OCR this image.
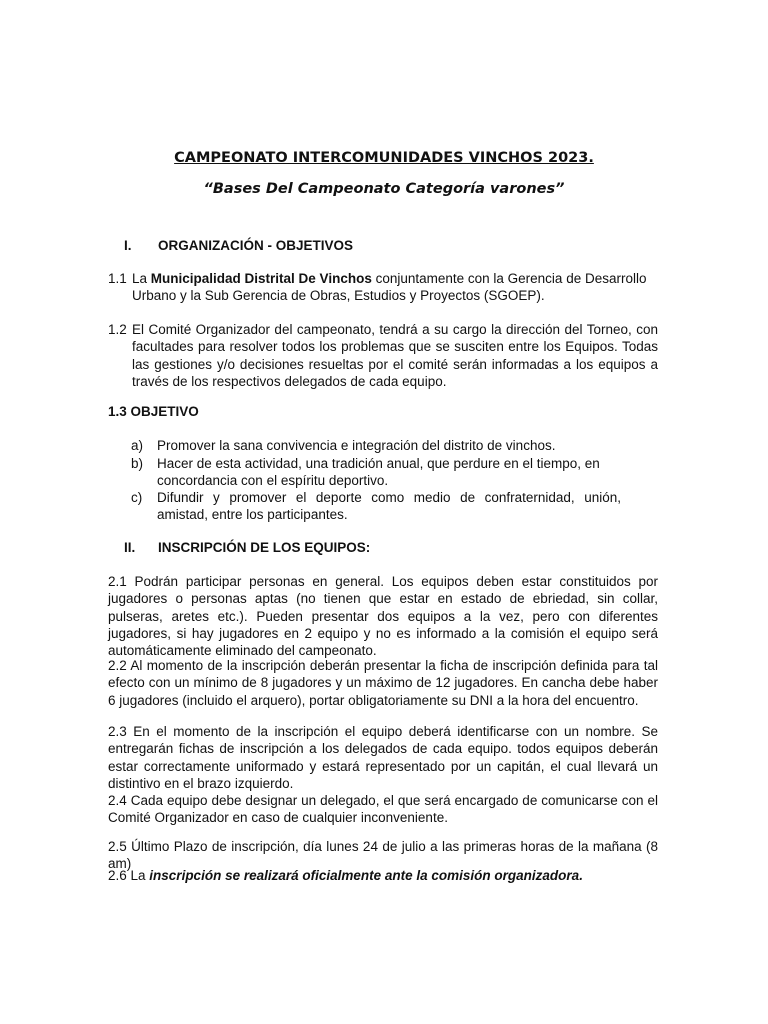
CAMPEONATO INTERCOMUNIDADES VINCHOS 2023.
“Bases Del Campeonato Categoría varones”
I. ORGANIZACIÓN - OBJETIVOS
1.1 La Municipalidad Distrital De Vinchos conjuntamente con la Gerencia de Desarrollo Urbano y la Sub Gerencia de Obras, Estudios y Proyectos (SGOEP).
1.2 El Comité Organizador del campeonato, tendrá a su cargo la dirección del Torneo, con facultades para resolver todos los problemas que se susciten entre los Equipos. Todas las gestiones y/o decisiones resueltas por el comité serán informadas a los equipos a través de los respectivos delegados de cada equipo.
1.3 OBJETIVO
a) Promover la sana convivencia e integración del distrito de vinchos.
b) Hacer de esta actividad, una tradición anual, que perdure en el tiempo, en concordancia con el espíritu deportivo.
c) Difundir y promover el deporte como medio de confraternidad, unión, amistad, entre los participantes.
II. INSCRIPCIÓN DE LOS EQUIPOS:
2.1 Podrán participar personas en general. Los equipos deben estar constituidos por jugadores o personas aptas (no tienen que estar en estado de ebriedad, sin collar, pulseras, aretes etc.). Pueden presentar dos equipos a la vez, pero con diferentes jugadores, si hay jugadores en 2 equipo y no es informado a la comisión el equipo será automáticamente eliminado del campeonato.
2.2 Al momento de la inscripción deberán presentar la ficha de inscripción definida para tal efecto con un mínimo de 8 jugadores y un máximo de 12 jugadores. En cancha debe haber 6 jugadores (incluido el arquero), portar obligatoriamente su DNI a la hora del encuentro.
2.3 En el momento de la inscripción el equipo deberá identificarse con un nombre. Se entregarán fichas de inscripción a los delegados de cada equipo. todos equipos deberán estar correctamente uniformado y estará representado por un capitán, el cual llevará un distintivo en el brazo izquierdo.
2.4 Cada equipo debe designar un delegado, el que será encargado de comunicarse con el Comité Organizador en caso de cualquier inconveniente.
2.5 Último Plazo de inscripción, día lunes 24 de julio a las primeras horas de la mañana (8 am)
2.6 La inscripción se realizará oficialmente ante la comisión organizadora.
